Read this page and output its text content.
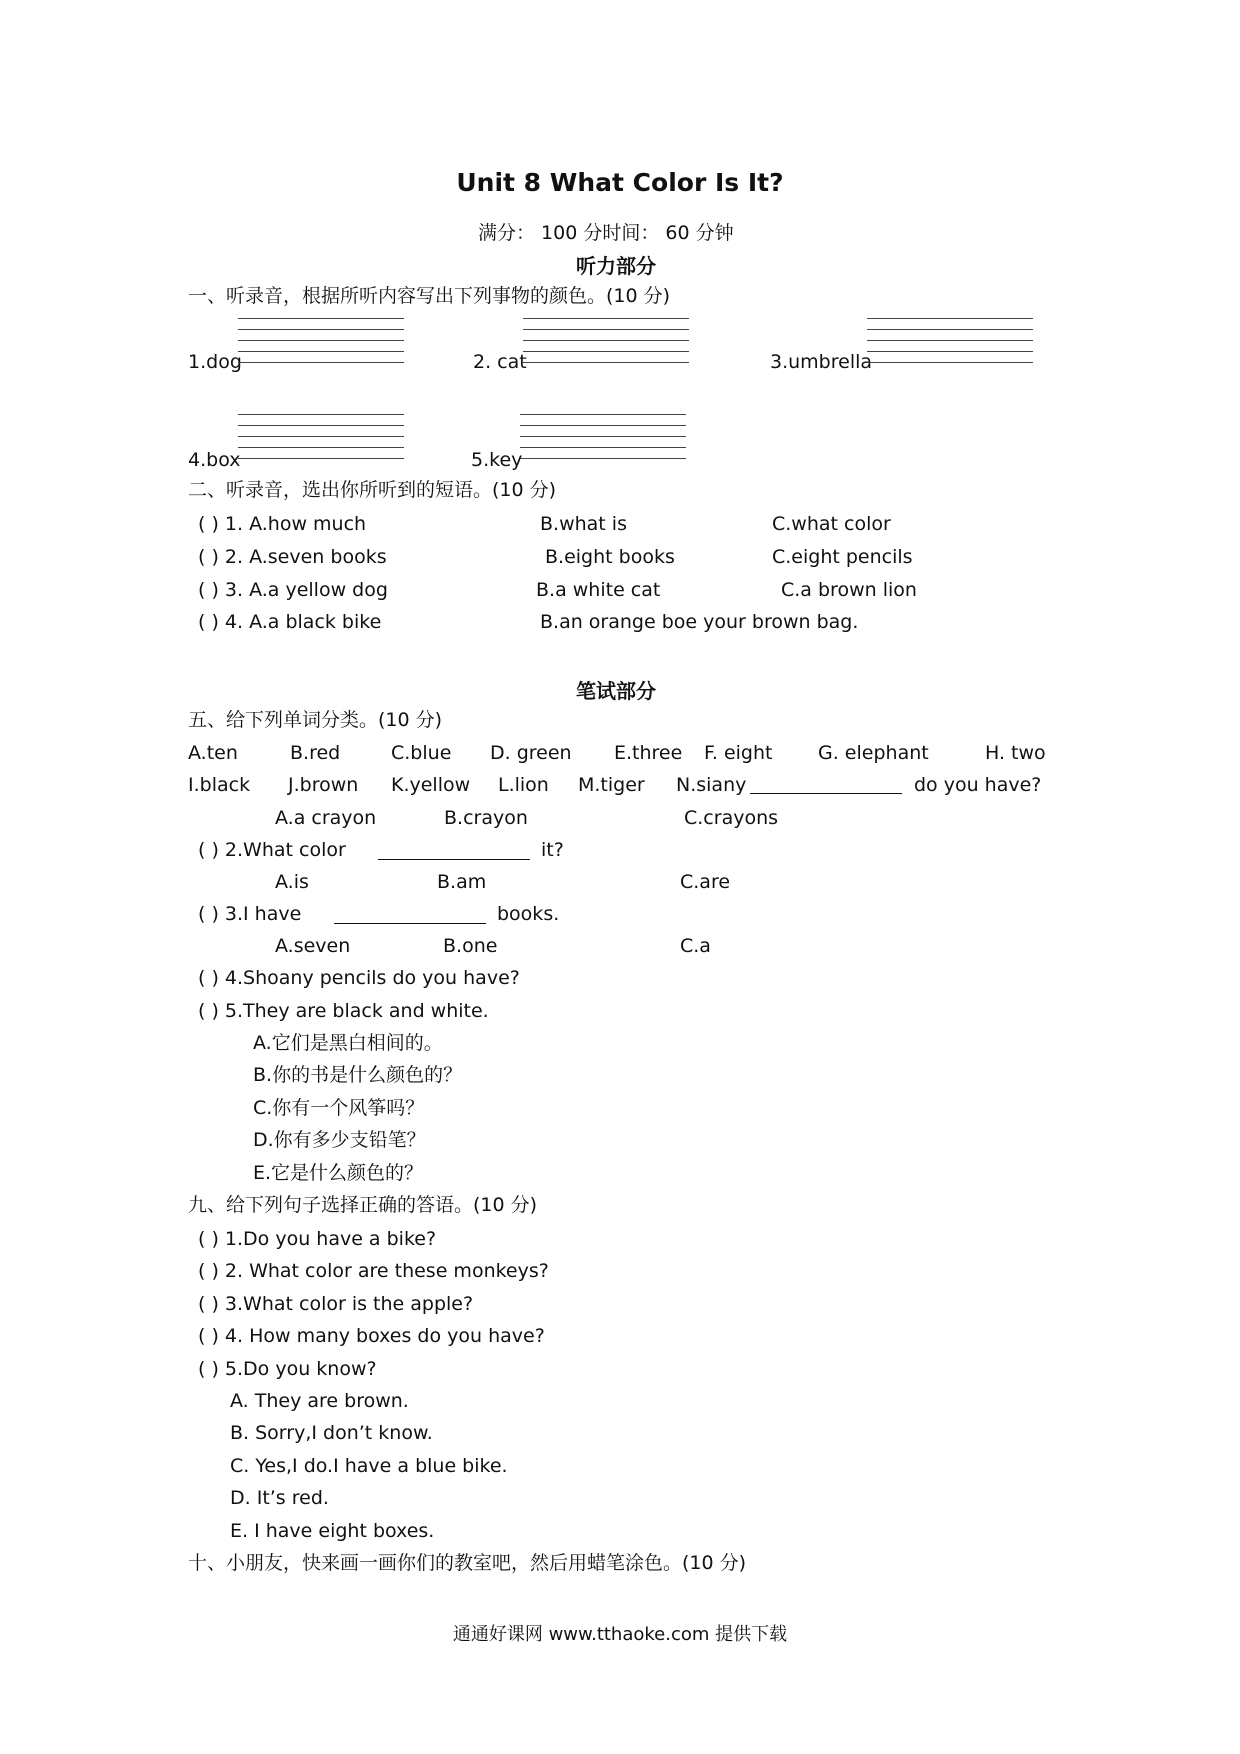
Unit 8 What Color Is It?
满分： 100 分时间： 60 分钟
听力部分
一、听录音，根据所听内容写出下列事物的颜色。(10 分)
1.dog	2. cat	3.umbrella
4.box	5.key
二、听录音，选出你所听到的短语。(10 分)
( ) 1. A.how much	B.what is	C.what color
( ) 2. A.seven books	B.eight books	C.eight pencils
( ) 3. A.a yellow dog	B.a white cat	C.a brown lion
( ) 4. A.a black bike	B.an orange boe your brown bag.
笔试部分
五、给下列单词分类。(10 分)
A.ten	B.red	C.blue D. green E.three F. eight G. elephant	H. two
I.black J.brown K.yellow L.lion M.tiger N.siany	do you have?
A.a crayon	B.crayon	C.crayons
( ) 2.What color	it?
A.is	B.am	C.are
( ) 3.I have	books.
A.seven	B.one	C.a
( ) 4.Shoany pencils do you have?
( ) 5.They are black and white.
A.它们是黑白相间的。
B.你的书是什么颜色的？
C.你有一个风筝吗？
D.你有多少支铅笔？
E.它是什么颜色的？
九、给下列句子选择正确的答语。(10 分)
( ) 1.Do you have a bike?
( ) 2. What color are these monkeys?
( ) 3.What color is the apple?
( ) 4. How many boxes do you have?
( ) 5.Do you know?
A. They are brown.
B. Sorry,I don’t know.
C. Yes,I do.I have a blue bike.
D. It’s red.
E. I have eight boxes.
十、小朋友，快来画一画你们的教室吧，然后用蜡笔涂色。(10 分)
通通好课网 www.tthaoke.com 提供下载
